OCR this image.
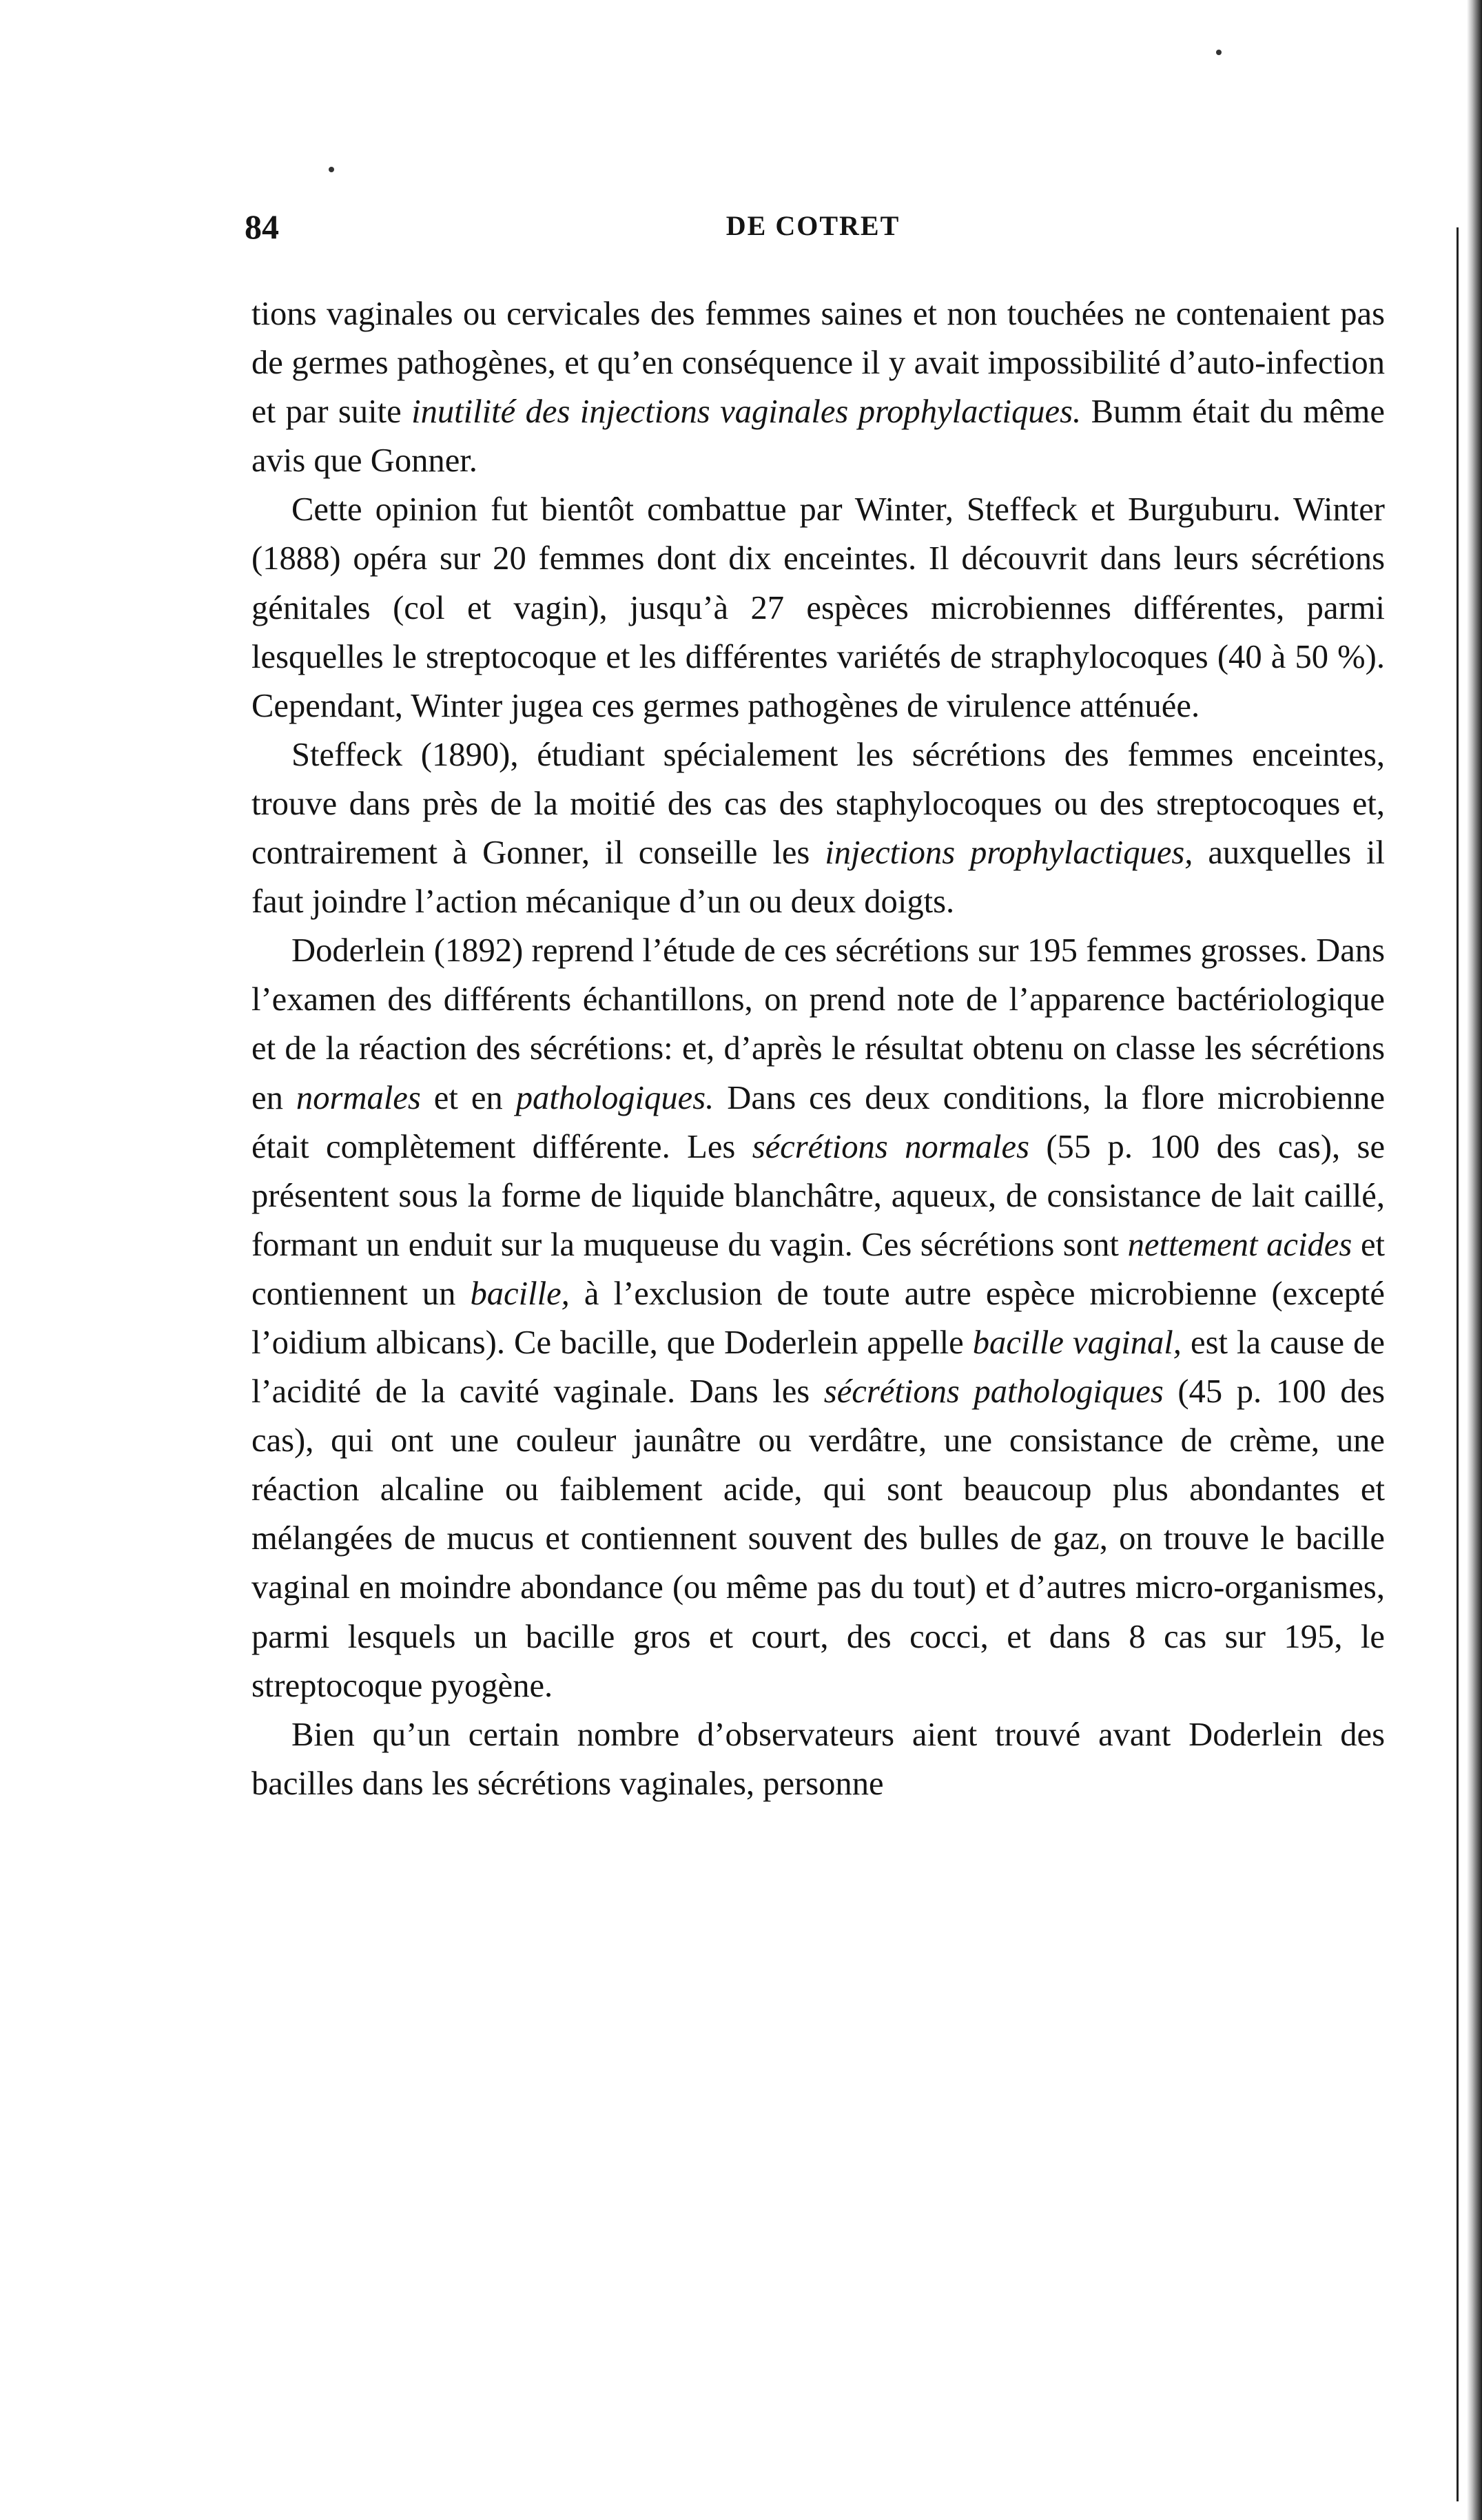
84	DE COTRET

tions vaginales ou cervicales des femmes saines et non touchées ne contenaient pas de germes pathogènes, et qu’en conséquence il y avait impossibilité d’auto-infection et par suite inutilité des injections vaginales prophylactiques. Bumm était du même avis que Gonner.

Cette opinion fut bientôt combattue par Winter, Steffeck et Burguburu. Winter (1888) opéra sur 20 femmes dont dix enceintes. Il découvrit dans leurs sécrétions génitales (col et vagin), jusqu’à 27 espèces microbiennes différentes, parmi lesquelles le streptocoque et les différentes variétés de straphylocoques (40 à 50 %). Cependant, Winter jugea ces germes pathogènes de virulence atténuée.

Steffeck (1890), étudiant spécialement les sécrétions des femmes enceintes, trouve dans près de la moitié des cas des staphylocoques ou des streptocoques et, contrairement à Gonner, il conseille les injections prophylactiques, auxquelles il faut joindre l’action mécanique d’un ou deux doigts.

Doderlein (1892) reprend l’étude de ces sécrétions sur 195 femmes grosses. Dans l’examen des différents échantillons, on prend note de l’apparence bactériologique et de la réaction des sécrétions: et, d’après le résultat obtenu on classe les sécrétions en normales et en pathologiques. Dans ces deux conditions, la flore microbienne était complètement différente. Les sécrétions normales (55 p. 100 des cas), se présentent sous la forme de liquide blanchâtre, aqueux, de consistance de lait caillé, formant un enduit sur la muqueuse du vagin. Ces sécrétions sont nettement acides et contiennent un bacille, à l’exclusion de toute autre espèce microbienne (excepté l’oidium albicans). Ce bacille, que Doderlein appelle bacille vaginal, est la cause de l’acidité de la cavité vaginale. Dans les sécrétions pathologiques (45 p. 100 des cas), qui ont une couleur jaunâtre ou verdâtre, une consistance de crème, une réaction alcaline ou faiblement acide, qui sont beaucoup plus abondantes et mélangées de mucus et contiennent souvent des bulles de gaz, on trouve le bacille vaginal en moindre abondance (ou même pas du tout) et d’autres micro-organismes, parmi lesquels un bacille gros et court, des cocci, et dans 8 cas sur 195, le streptocoque pyogène.

Bien qu’un certain nombre d’observateurs aient trouvé avant Doderlein des bacilles dans les sécrétions vaginales, personne
